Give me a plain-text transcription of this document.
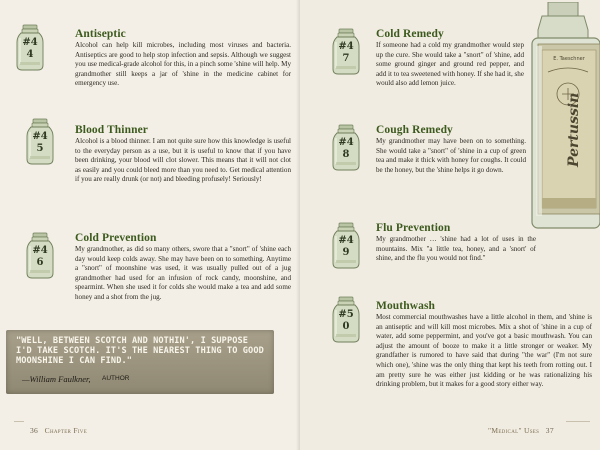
#4
4
Antiseptic

Alcohol can help kill microbes, including most viruses and bacteria. Antiseptics are good to help stop infection and sepsis. Although we suggest you use medical-grade alcohol for this, in a pinch some 'shine will help. My grandmother still keeps a jar of 'shine in the medicine cabinet for emergency use.

#4
5
Blood Thinner

Alcohol is a blood thinner. I am not quite sure how this knowledge is useful to the everyday person as a use, but it is useful to know that if you have been drinking, your blood will clot slower. This means that it will not clot as easily and you could bleed more than you need to. Get medical attention if you are really drunk (or not) and bleeding profusely! Seriously!

#4
6
Cold Prevention

My grandmother, as did so many others, swore that a "snort" of 'shine each day would keep colds away. She may have been on to something. Anytime a "snort" of moonshine was used, it was usually pulled out of a jug grandmother had used for an infusion of rock candy, moonshine, and spearmint. When she used it for colds she would make a tea and add some honey and a shot from the jug.

"WELL, BETWEEN SCOTCH AND NOTHIN', I SUPPOSE I'D TAKE SCOTCH. IT'S THE NEAREST THING TO GOOD MOONSHINE I CAN FIND."
—William Faulkner, AUTHOR
36 Chapter Five
#4
7
Cold Remedy

If someone had a cold my grandmother would step up the cure. She would take a "snort" of 'shine, add some ground ginger and ground red pepper, and add it to tea sweetened with honey. If she had it, she would also add lemon juice.

#4
8
Cough Remedy

My grandmother may have been on to something. She would take a "snort" of 'shine in a cup of green tea and make it thick with honey for coughs. It could be the honey, but the 'shine helps it go down.

#4
9
Flu Prevention

My grandmother … 'shine had a lot of uses in the mountains. Mix "a little tea, honey, and a 'snort' of shine, and the flu you would not find."

#5
0
Mouthwash

Most commercial mouthwashes have a little alcohol in them, and 'shine is an antiseptic and will kill most microbes. Mix a shot of 'shine in a cup of water, add some peppermint, and you've got a basic mouthwash. You can adjust the amount of booze to make it a little stronger or weaker. My grandfather is rumored to have said that during "the war" (I'm not sure which one), 'shine was the only thing that kept his teeth from rotting out. I am pretty sure he was either just kidding or he was rationalizing his drinking problem, but it makes for a good story either way.

"Medical" Uses 37
E. Taeschner
Pertussin
